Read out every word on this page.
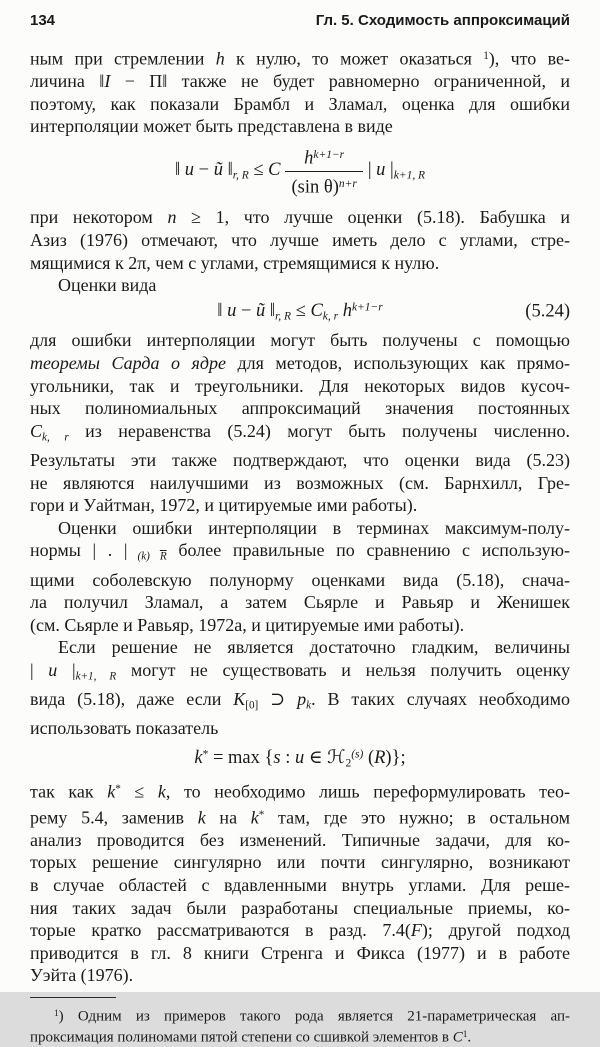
134	Гл. 5. Сходимость аппроксимаций
ным при стремлении h к нулю, то может оказаться $^1$), что ве-
личина ‖I − П‖ также не будет равномерно ограниченной, и
поэтому, как показали Брамбл и Зламал, оценка для ошибки
интерполяции может быть представлена в виде
‖ u − ũ $‖_{r, R} \le C \frac{h^{k+1-r}}{(\sin \theta)^{n+r}}$ | u $|_{k+1, R}$
при некотором n ≥ 1, что лучше оценки (5.18). Бабушка и
Азиз (1976) отмечают, что лучше иметь дело с углами, стре-
мящимися к 2π, чем с углами, стремящимися к нулю.
Оценки вида
‖ u − ũ $‖_{r, R} \le C_{k, r}$ $h^{k+1-r}$	(5.24)
для ошибки интерполяции могут быть получены с помощью
теоремы Сарда о ядре для методов, использующих как прямо-
угольники, так и треугольники. Для некоторых видов кусоч-
ных полиномиальных аппроксимаций значения постоянных
$C_{k, r}$ из неравенства (5.24) могут быть получены численно.
Результаты эти также подтверждают, что оценки вида (5.23)
не являются наилучшими из возможных (см. Барнхилл, Гре-
гори и Уайтман, 1972, и цитируемые ими работы).
Оценки ошибки интерполяции в терминах максимум-полу-
нормы | . | $_{(k)}$ $_{\overline{R}}$ более правильные по сравнению с использую-
щими соболевскую полунорму оценками вида (5.18), снача-
ла получил Зламал, а затем Сьярле и Равьяр и Женишек
(см. Сьярле и Равьяр, 1972а, и цитируемые ими работы).
Если решение не является достаточно гладким, величины
| u $|_{k+1, R}$ могут не существовать и нельзя получить оценку
вида (5.18), даже если $K_{[0]}$ ⊃ $p_k$. В таких случаях необходимо
использовать показатель
k* = max {s : u ∈ ℋ$_2^{(s)}$ (R)};
так как k* ≤ k, то необходимо лишь переформулировать тео-
рему 5.4, заменив k на k* там, где это нужно; в остальном
анализ проводится без изменений. Типичные задачи, для ко-
торых решение сингулярно или почти сингулярно, возникают
в случае областей с вдавленными внутрь углами. Для реше-
ния таких задач были разработаны специальные приемы, ко-
торые кратко рассматриваются в разд. 7.4(F); другой подход
приводится в гл. 8 книги Стренга и Фикса (1977) и в работе
Уэйта (1976).
$^1$) Одним из примеров такого рода является 21-параметрическая ап-
проксимация полиномами пятой степени со сшивкой элементов в $C^1$.
